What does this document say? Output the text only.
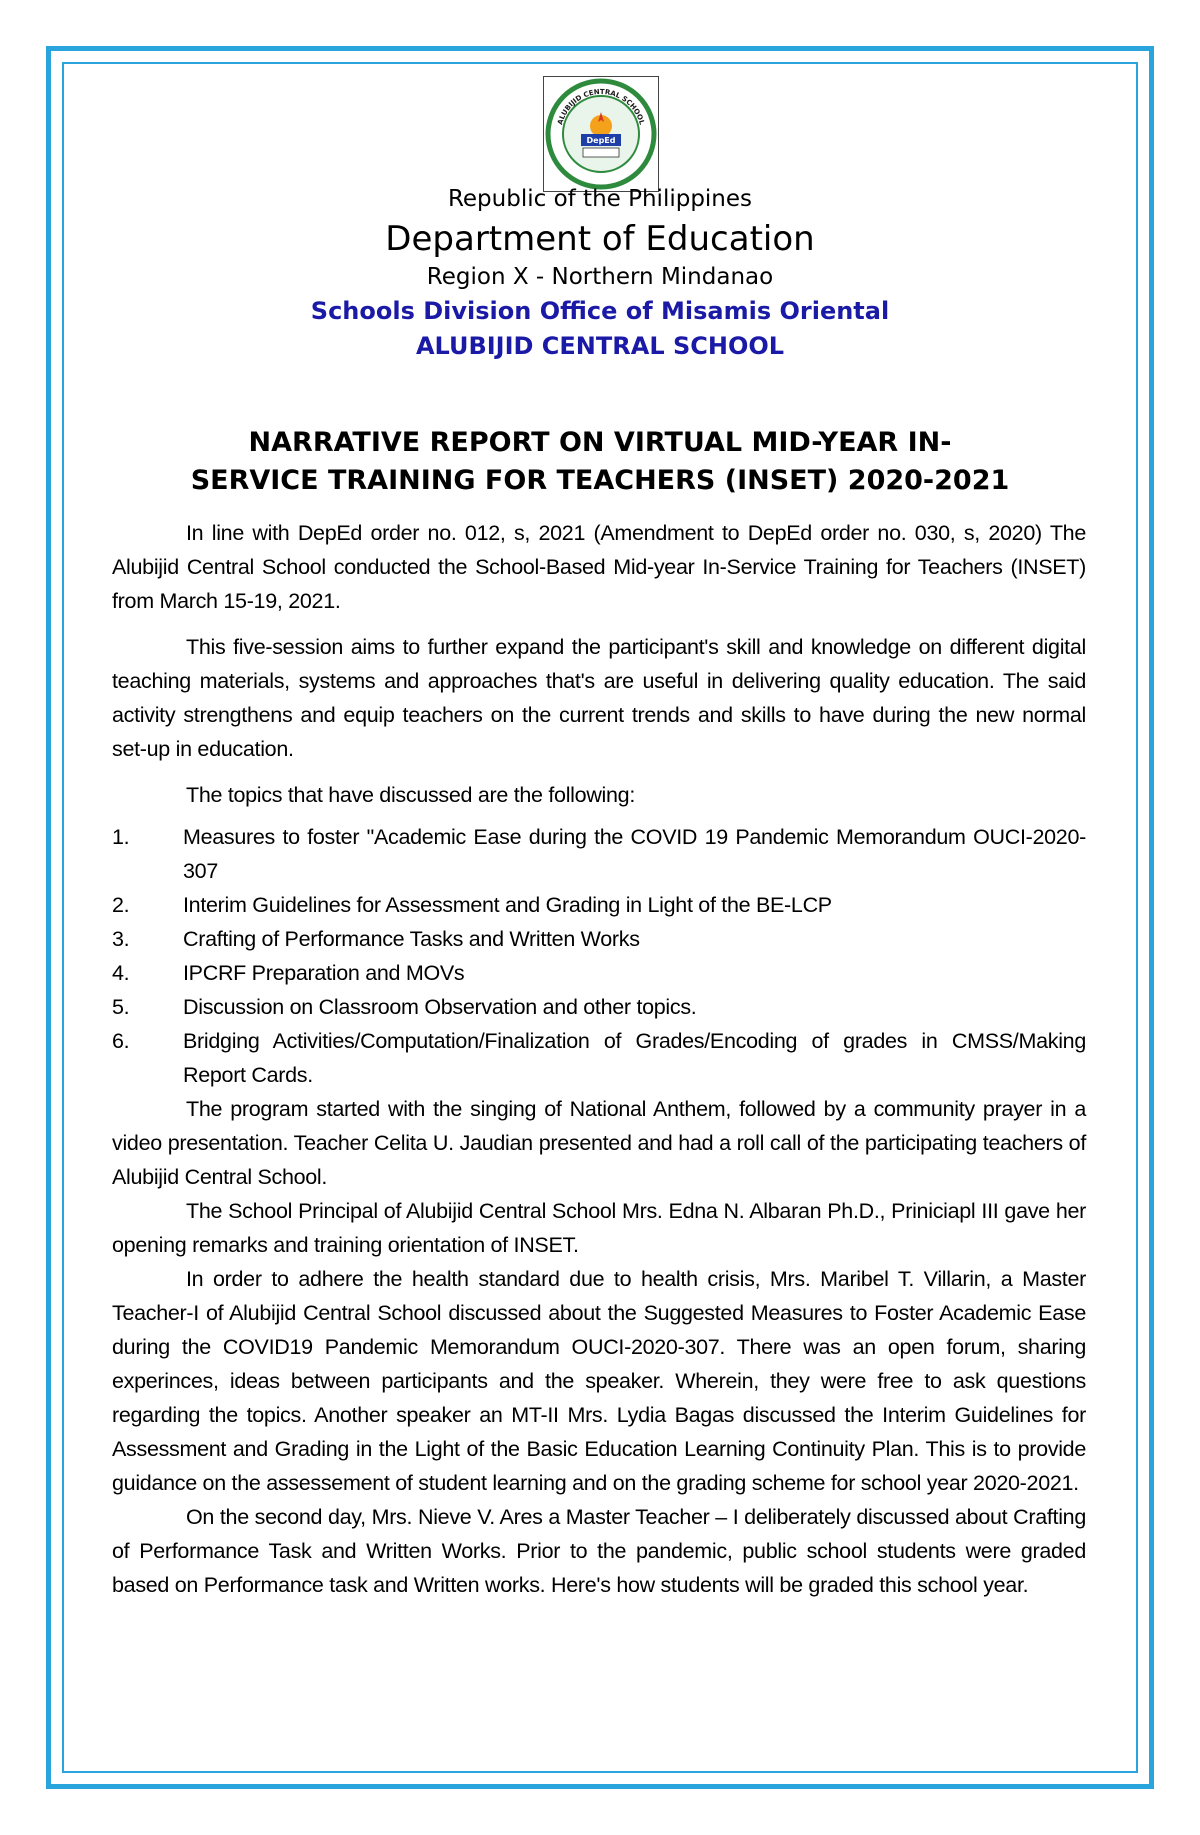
ALUBIJID CENTRAL SCHOOL
DepEd
Republic of the Philippines
Department of Education
Region X - Northern Mindanao
Schools Division Office of Misamis Oriental
ALUBIJID CENTRAL SCHOOL
NARRATIVE REPORT ON VIRTUAL MID-YEAR IN-
SERVICE TRAINING FOR TEACHERS (INSET) 2020-2021

In line with DepEd order no. 012, s, 2021 (Amendment to DepEd order no. 030, s, 2020) The Alubijid Central School conducted the School-Based Mid-year In-Service Training for Teachers (INSET) from March 15-19, 2021.

This five-session aims to further expand the participant's skill and knowledge on different digital teaching materials, systems and approaches that's are useful in delivering quality education. The said activity strengthens and equip teachers on the current trends and skills to have during the new normal set-up in education.

The topics that have discussed are the following:

1. Measures to foster "Academic Ease during the COVID 19 Pandemic Memorandum OUCI-2020-307
2. Interim Guidelines for Assessment and Grading in Light of the BE-LCP
3. Crafting of Performance Tasks and Written Works
4. IPCRF Preparation and MOVs
5. Discussion on Classroom Observation and other topics.
6. Bridging Activities/Computation/Finalization of Grades/Encoding of grades in CMSS/Making Report Cards.

The program started with the singing of National Anthem, followed by a community prayer in a video presentation. Teacher Celita U. Jaudian presented and had a roll call of the participating teachers of Alubijid Central School.

The School Principal of Alubijid Central School Mrs. Edna N. Albaran Ph.D., Priniciapl III gave her opening remarks and training orientation of INSET.

In order to adhere the health standard due to health crisis, Mrs. Maribel T. Villarin, a Master Teacher-I of Alubijid Central School discussed about the Suggested Measures to Foster Academic Ease during the COVID19 Pandemic Memorandum OUCI-2020-307. There was an open forum, sharing experinces, ideas between participants and the speaker. Wherein, they were free to ask questions regarding the topics. Another speaker an MT-II Mrs. Lydia Bagas discussed the Interim Guidelines for Assessment and Grading in the Light of the Basic Education Learning Continuity Plan. This is to provide guidance on the assessement of student learning and on the grading scheme for school year 2020-2021.

On the second day, Mrs. Nieve V. Ares a Master Teacher – I deliberately discussed about Crafting of Performance Task and Written Works. Prior to the pandemic, public school students were graded based on Performance task and Written works. Here's how students will be graded this school year.
